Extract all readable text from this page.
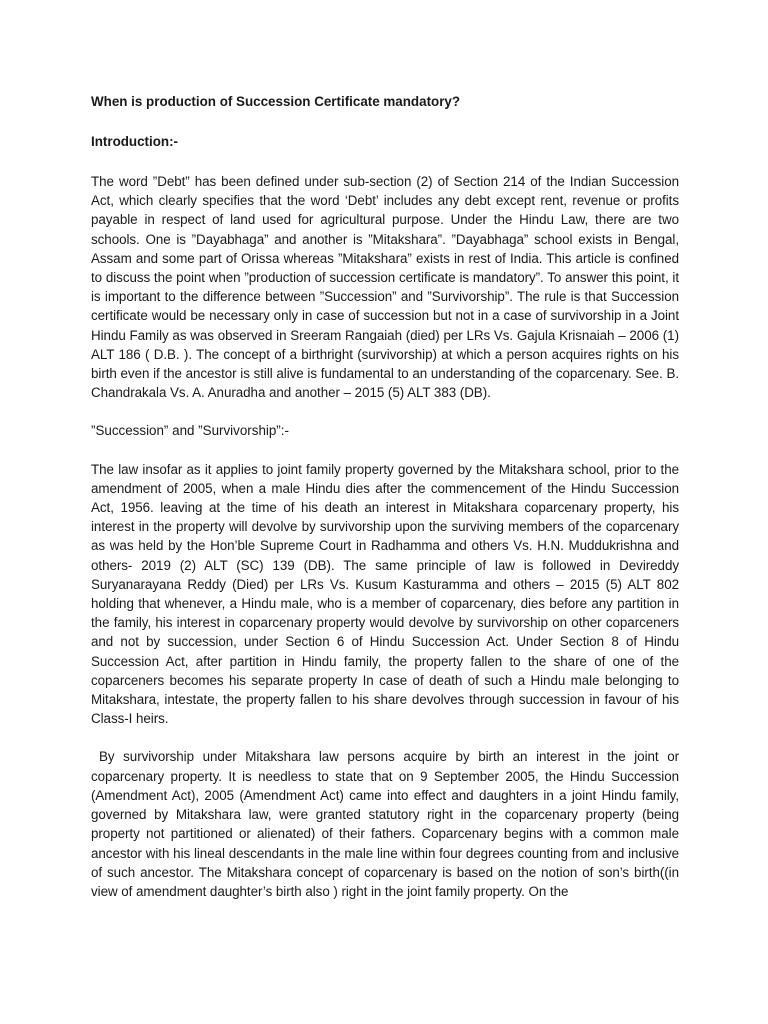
When is production of Succession Certificate mandatory?
Introduction:-

The word ”Debt” has been defined under sub-section (2) of Section 214 of the Indian Succession Act, which clearly specifies that the word ‘Debt’ includes any debt except rent, revenue or profits payable in respect of land used for agricultural purpose. Under the Hindu Law, there are two schools. One is ”Dayabhaga” and another is ”Mitakshara”. ”Dayabhaga” school exists in Bengal, Assam and some part of Orissa whereas ”Mitakshara” exists in rest of India. This article is confined to discuss the point when ”production of succession certificate is mandatory”. To answer this point, it is important to the difference between ”Succession” and ”Survivorship”. The rule is that Succession certificate would be necessary only in case of succession but not in a case of survivorship in a Joint Hindu Family as was observed in Sreeram Rangaiah (died) per LRs Vs. Gajula Krisnaiah – 2006 (1) ALT 186 ( D.B. ). The concept of a birthright (survivorship) at which a person acquires rights on his birth even if the ancestor is still alive is fundamental to an understanding of the coparcenary. See. B. Chandrakala Vs. A. Anuradha and another – 2015 (5) ALT 383 (DB).

”Succession” and ”Survivorship”:-

The law insofar as it applies to joint family property governed by the Mitakshara school, prior to the amendment of 2005, when a male Hindu dies after the commencement of the Hindu Succession Act, 1956. leaving at the time of his death an interest in Mitakshara coparcenary property, his interest in the property will devolve by survivorship upon the surviving members of the coparcenary as was held by the Hon’ble Supreme Court in Radhamma and others Vs. H.N. Muddukrishna and others- 2019 (2) ALT (SC) 139 (DB). The same principle of law is followed in Devireddy Suryanarayana Reddy (Died) per LRs Vs. Kusum Kasturamma and others – 2015 (5) ALT 802 holding that whenever, a Hindu male, who is a member of coparcenary, dies before any partition in the family, his interest in coparcenary property would devolve by survivorship on other coparceners and not by succession, under Section 6 of Hindu Succession Act. Under Section 8 of Hindu Succession Act, after partition in Hindu family, the property fallen to the share of one of the coparceners becomes his separate property In case of death of such a Hindu male belonging to Mitakshara, intestate, the property fallen to his share devolves through succession in favour of his Class-I heirs.

By survivorship under Mitakshara law persons acquire by birth an interest in the joint or coparcenary property. It is needless to state that on 9 September 2005, the Hindu Succession (Amendment Act), 2005 (Amendment Act) came into effect and daughters in a joint Hindu family, governed by Mitakshara law, were granted statutory right in the coparcenary property (being property not partitioned or alienated) of their fathers. Coparcenary begins with a common male ancestor with his lineal descendants in the male line within four degrees counting from and inclusive of such ancestor. The Mitakshara concept of coparcenary is based on the notion of son’s birth((in view of amendment daughter’s birth also ) right in the joint family property. On the
